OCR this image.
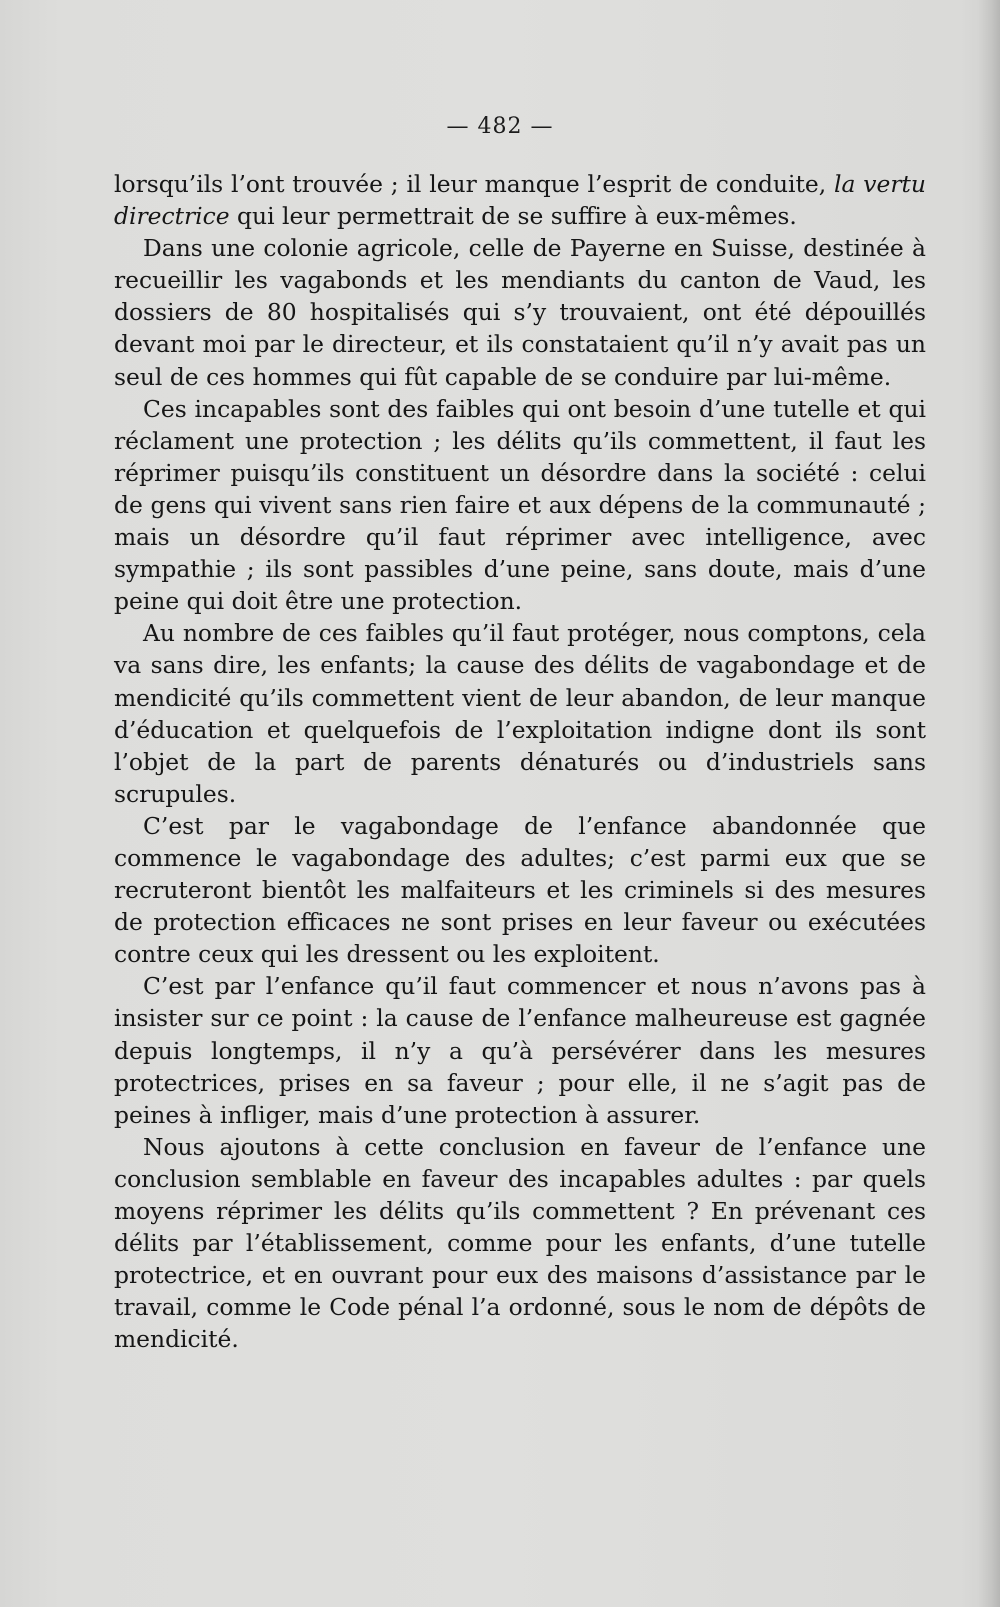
— 482 —

lorsqu’ils l’ont trouvée ; il leur manque l’esprit de conduite, la vertu directrice qui leur permettrait de se suffire à eux-mêmes.

Dans une colonie agricole, celle de Payerne en Suisse, destinée à recueillir les vagabonds et les mendiants du canton de Vaud, les dossiers de 80 hospitalisés qui s’y trouvaient, ont été dépouillés devant moi par le directeur, et ils constataient qu’il n’y avait pas un seul de ces hommes qui fût capable de se conduire par lui-même.

Ces incapables sont des faibles qui ont besoin d’une tutelle et qui réclament une protection ; les délits qu’ils commettent, il faut les réprimer puisqu’ils constituent un désordre dans la société : celui de gens qui vivent sans rien faire et aux dépens de la communauté ; mais un désordre qu’il faut réprimer avec intelligence, avec sympathie ; ils sont passibles d’une peine, sans doute, mais d’une peine qui doit être une protection.

Au nombre de ces faibles qu’il faut protéger, nous comptons, cela va sans dire, les enfants; la cause des délits de vagabondage et de mendicité qu’ils commettent vient de leur abandon, de leur manque d’éducation et quelquefois de l’exploitation indigne dont ils sont l’objet de la part de parents dénaturés ou d’industriels sans scrupules.

C’est par le vagabondage de l’enfance abandonnée que commence le vagabondage des adultes; c’est parmi eux que se recruteront bientôt les malfaiteurs et les criminels si des mesures de protection efficaces ne sont prises en leur faveur ou exécutées contre ceux qui les dressent ou les exploitent.

C’est par l’enfance qu’il faut commencer et nous n’avons pas à insister sur ce point : la cause de l’enfance malheureuse est gagnée depuis longtemps, il n’y a qu’à persévérer dans les mesures protectrices, prises en sa faveur ; pour elle, il ne s’agit pas de peines à infliger, mais d’une protection à assurer.

Nous ajoutons à cette conclusion en faveur de l’enfance une conclusion semblable en faveur des incapables adultes : par quels moyens réprimer les délits qu’ils commettent ? En prévenant ces délits par l’établissement, comme pour les enfants, d’une tutelle protectrice, et en ouvrant pour eux des maisons d’assistance par le travail, comme le Code pénal l’a ordonné, sous le nom de dépôts de mendicité.
